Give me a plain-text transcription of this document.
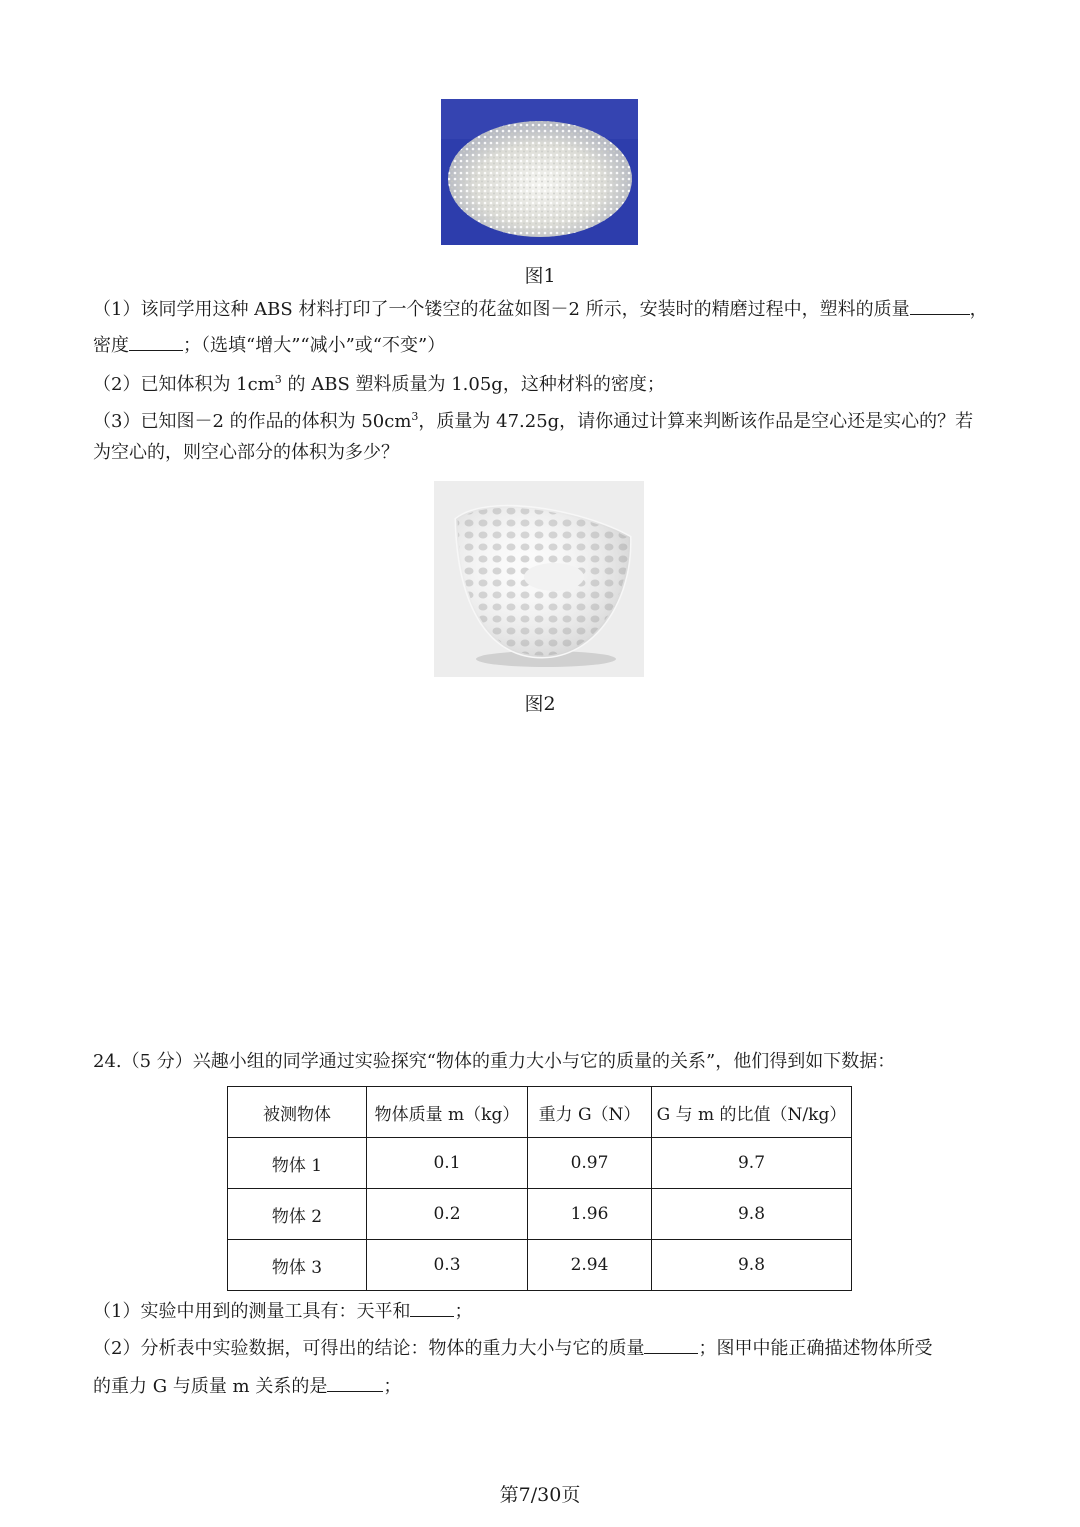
图1
（1）该同学用这种 ABS 材料打印了一个镂空的花盆如图－2 所示，安装时的精磨过程中，塑料的质量	，
密度	；（选填“增大”“减小”或“不变”）
（2）已知体积为 $1cm^3$ 的 ABS 塑料质量为 1.05g，这种材料的密度；
（3）已知图－2 的作品的体积为 $50cm^3$，质量为 47.25g，请你通过计算来判断该作品是空心还是实心的？若
为空心的，则空心部分的体积为多少？
图2
24.（5 分）兴趣小组的同学通过实验探究“物体的重力大小与它的质量的关系”，他们得到如下数据：
被测物体	物体质量 m（kg）	重力 G（N）	G 与 m 的比值（N/kg）
物体 1	0.1	0.97	9.7
物体 2	0.2	1.96	9.8
物体 3	0.3	2.94	9.8
（1）实验中用到的测量工具有：天平和 ；
（2）分析表中实验数据，可得出的结论：物体的重力大小与它的质量	；图甲中能正确描述物体所受
的重力 G 与质量 m 关系的是	；
第7/30页
